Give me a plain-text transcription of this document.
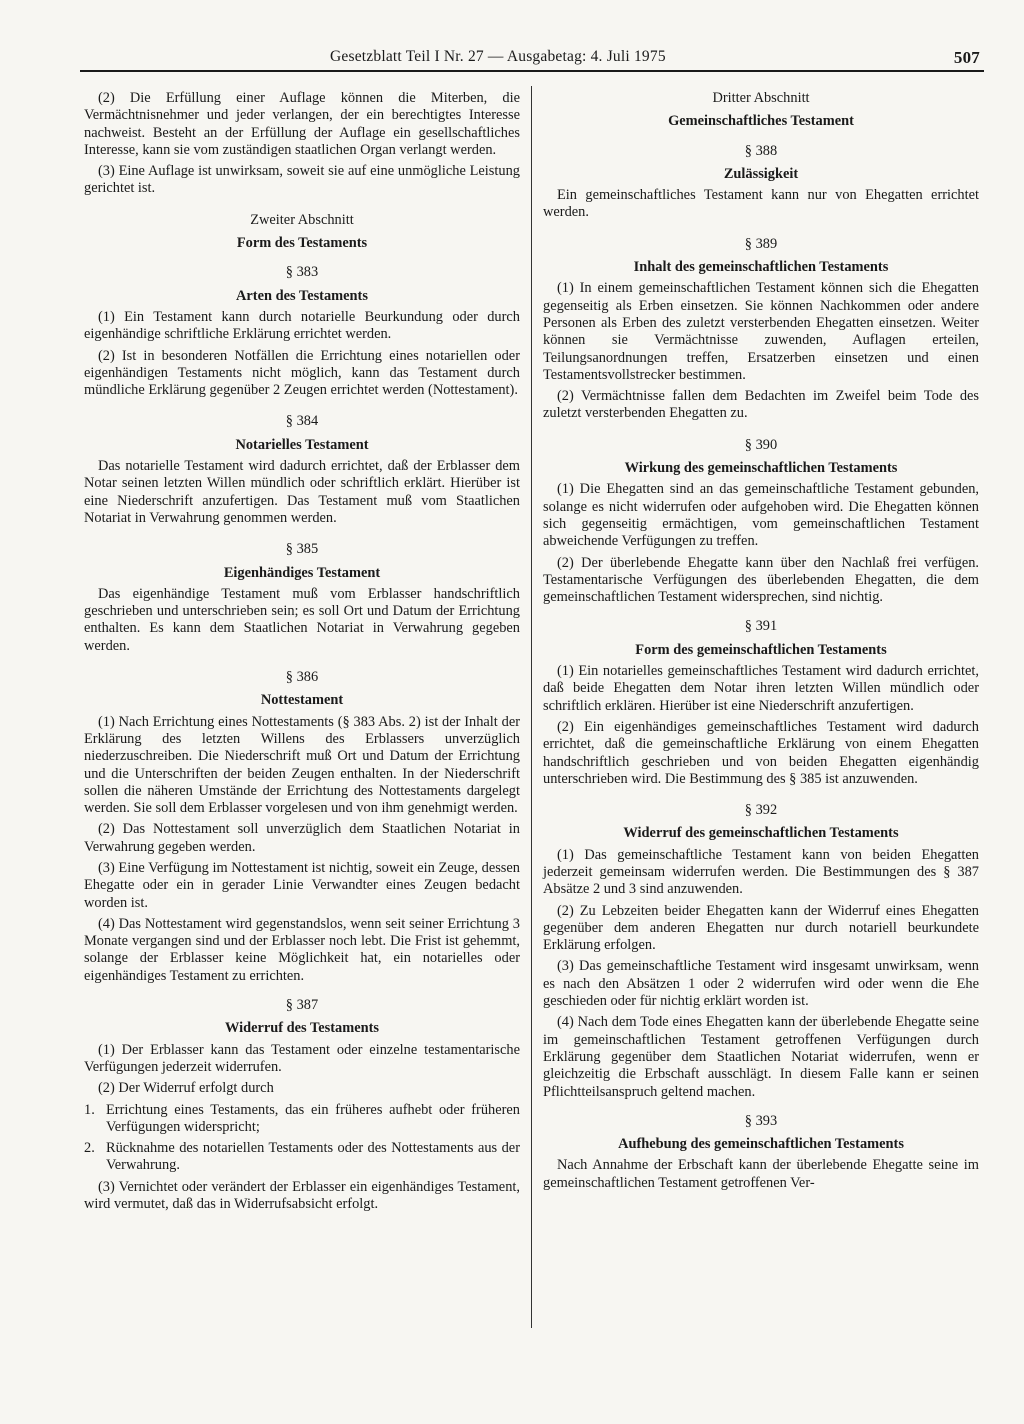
Gesetzblatt Teil I Nr. 27 — Ausgabetag: 4. Juli 1975	507

(2) Die Erfüllung einer Auflage können die Miterben, die Vermächtnisnehmer und jeder verlangen, der ein berechtigtes Interesse nachweist. Besteht an der Erfüllung der Auflage ein gesellschaftliches Interesse, kann sie vom zuständigen staatlichen Organ verlangt werden.

(3) Eine Auflage ist unwirksam, soweit sie auf eine unmögliche Leistung gerichtet ist.

Zweiter Abschnitt

Form des Testaments

§ 383

Arten des Testaments

(1) Ein Testament kann durch notarielle Beurkundung oder durch eigenhändige schriftliche Erklärung errichtet werden.

(2) Ist in besonderen Notfällen die Errichtung eines notariellen oder eigenhändigen Testaments nicht möglich, kann das Testament durch mündliche Erklärung gegenüber 2 Zeugen errichtet werden (Nottestament).

§ 384

Notarielles Testament

Das notarielle Testament wird dadurch errichtet, daß der Erblasser dem Notar seinen letzten Willen mündlich oder schriftlich erklärt. Hierüber ist eine Niederschrift anzufertigen. Das Testament muß vom Staatlichen Notariat in Verwahrung genommen werden.

§ 385

Eigenhändiges Testament

Das eigenhändige Testament muß vom Erblasser handschriftlich geschrieben und unterschrieben sein; es soll Ort und Datum der Errichtung enthalten. Es kann dem Staatlichen Notariat in Verwahrung gegeben werden.

§ 386

Nottestament

(1) Nach Errichtung eines Nottestaments (§ 383 Abs. 2) ist der Inhalt der Erklärung des letzten Willens des Erblassers unverzüglich niederzuschreiben. Die Niederschrift muß Ort und Datum der Errichtung und die Unterschriften der beiden Zeugen enthalten. In der Niederschrift sollen die näheren Umstände der Errichtung des Nottestaments dargelegt werden. Sie soll dem Erblasser vorgelesen und von ihm genehmigt werden.

(2) Das Nottestament soll unverzüglich dem Staatlichen Notariat in Verwahrung gegeben werden.

(3) Eine Verfügung im Nottestament ist nichtig, soweit ein Zeuge, dessen Ehegatte oder ein in gerader Linie Verwandter eines Zeugen bedacht worden ist.

(4) Das Nottestament wird gegenstandslos, wenn seit seiner Errichtung 3 Monate vergangen sind und der Erblasser noch lebt. Die Frist ist gehemmt, solange der Erblasser keine Möglichkeit hat, ein notarielles oder eigenhändiges Testament zu errichten.

§ 387

Widerruf des Testaments

(1) Der Erblasser kann das Testament oder einzelne testamentarische Verfügungen jederzeit widerrufen.

(2) Der Widerruf erfolgt durch

1. Errichtung eines Testaments, das ein früheres aufhebt oder früheren Verfügungen widerspricht;
2. Rücknahme des notariellen Testaments oder des Nottestaments aus der Verwahrung.

(3) Vernichtet oder verändert der Erblasser ein eigenhändiges Testament, wird vermutet, daß das in Widerrufsabsicht erfolgt.

Dritter Abschnitt

Gemeinschaftliches Testament

§ 388

Zulässigkeit

Ein gemeinschaftliches Testament kann nur von Ehegatten errichtet werden.

§ 389

Inhalt des gemeinschaftlichen Testaments

(1) In einem gemeinschaftlichen Testament können sich die Ehegatten gegenseitig als Erben einsetzen. Sie können Nachkommen oder andere Personen als Erben des zuletzt versterbenden Ehegatten einsetzen. Weiter können sie Vermächtnisse zuwenden, Auflagen erteilen, Teilungsanordnungen treffen, Ersatzerben einsetzen und einen Testamentsvollstrecker bestimmen.

(2) Vermächtnisse fallen dem Bedachten im Zweifel beim Tode des zuletzt versterbenden Ehegatten zu.

§ 390

Wirkung des gemeinschaftlichen Testaments

(1) Die Ehegatten sind an das gemeinschaftliche Testament gebunden, solange es nicht widerrufen oder aufgehoben wird. Die Ehegatten können sich gegenseitig ermächtigen, vom gemeinschaftlichen Testament abweichende Verfügungen zu treffen.

(2) Der überlebende Ehegatte kann über den Nachlaß frei verfügen. Testamentarische Verfügungen des überlebenden Ehegatten, die dem gemeinschaftlichen Testament widersprechen, sind nichtig.

§ 391

Form des gemeinschaftlichen Testaments

(1) Ein notarielles gemeinschaftliches Testament wird dadurch errichtet, daß beide Ehegatten dem Notar ihren letzten Willen mündlich oder schriftlich erklären. Hierüber ist eine Niederschrift anzufertigen.

(2) Ein eigenhändiges gemeinschaftliches Testament wird dadurch errichtet, daß die gemeinschaftliche Erklärung von einem Ehegatten handschriftlich geschrieben und von beiden Ehegatten eigenhändig unterschrieben wird. Die Bestimmung des § 385 ist anzuwenden.

§ 392

Widerruf des gemeinschaftlichen Testaments

(1) Das gemeinschaftliche Testament kann von beiden Ehegatten jederzeit gemeinsam widerrufen werden. Die Bestimmungen des § 387 Absätze 2 und 3 sind anzuwenden.

(2) Zu Lebzeiten beider Ehegatten kann der Widerruf eines Ehegatten gegenüber dem anderen Ehegatten nur durch notariell beurkundete Erklärung erfolgen.

(3) Das gemeinschaftliche Testament wird insgesamt unwirksam, wenn es nach den Absätzen 1 oder 2 widerrufen wird oder wenn die Ehe geschieden oder für nichtig erklärt worden ist.

(4) Nach dem Tode eines Ehegatten kann der überlebende Ehegatte seine im gemeinschaftlichen Testament getroffenen Verfügungen durch Erklärung gegenüber dem Staatlichen Notariat widerrufen, wenn er gleichzeitig die Erbschaft ausschlägt. In diesem Falle kann er seinen Pflichtteilsanspruch geltend machen.

§ 393

Aufhebung des gemeinschaftlichen Testaments

Nach Annahme der Erbschaft kann der überlebende Ehegatte seine im gemeinschaftlichen Testament getroffenen Ver-
